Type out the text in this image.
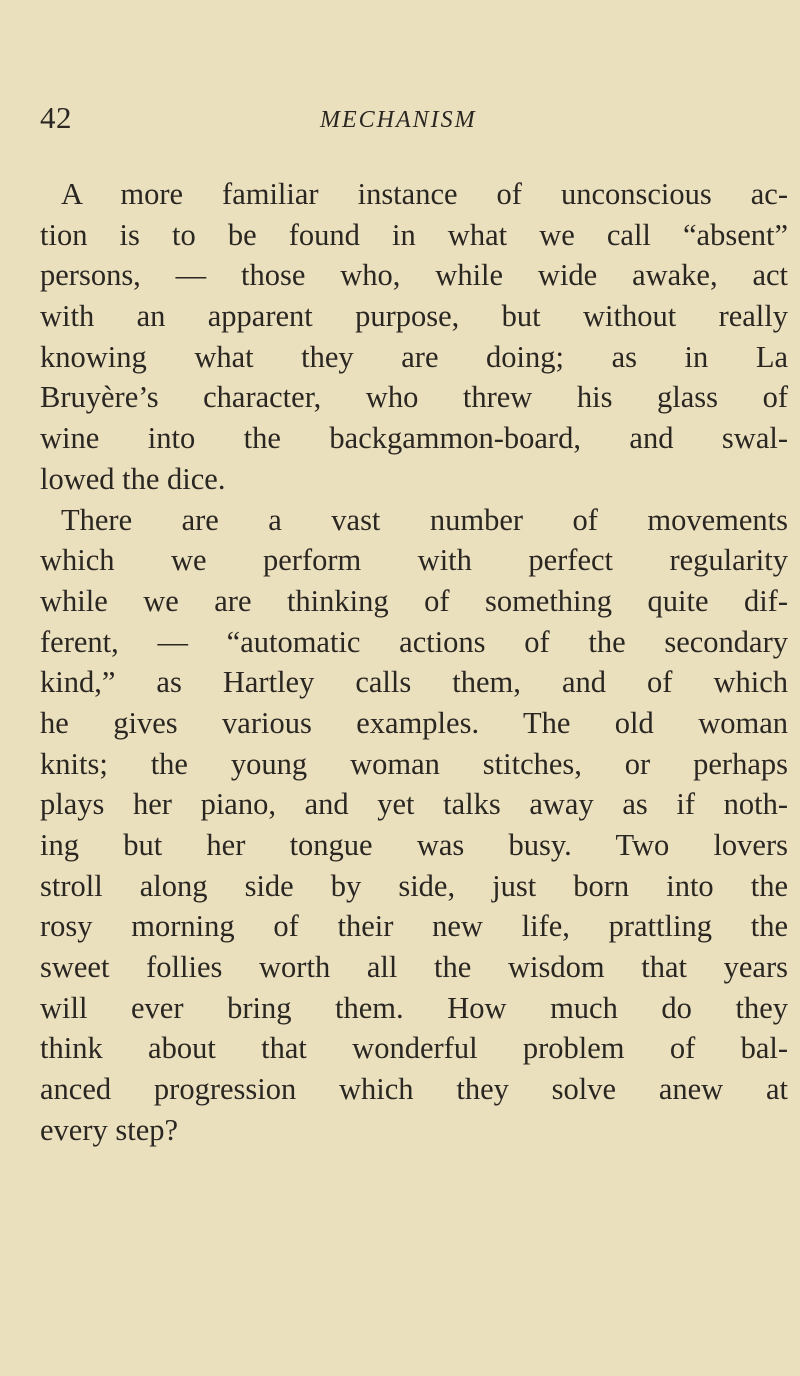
42	MECHANISM
A more familiar instance of unconscious ac-
tion is to be found in what we call “absent”
persons, — those who, while wide awake, act
with an apparent purpose, but without really
knowing what they are doing; as in La
Bruyère’s character, who threw his glass of
wine into the backgammon-board, and swal-
lowed the dice.
There are a vast number of movements
which we perform with perfect regularity
while we are thinking of something quite dif-
ferent, — “automatic actions of the secondary
kind,” as Hartley calls them, and of which
he gives various examples. The old woman
knits; the young woman stitches, or perhaps
plays her piano, and yet talks away as if noth-
ing but her tongue was busy. Two lovers
stroll along side by side, just born into the
rosy morning of their new life, prattling the
sweet follies worth all the wisdom that years
will ever bring them. How much do they
think about that wonderful problem of bal-
anced progression which they solve anew at
every step?
